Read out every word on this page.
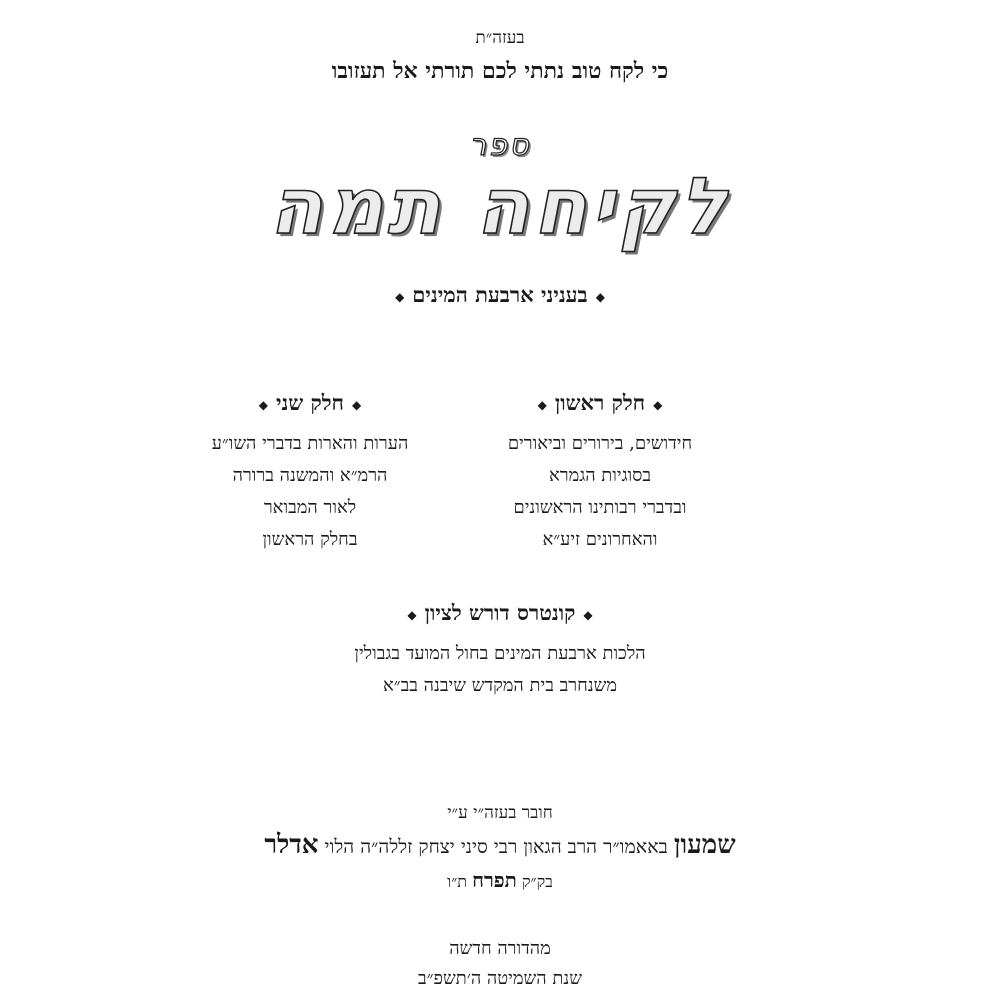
בעזה״ת
כי לקח טוב נתתי לכם תורתי אל תעזובו
ספר
לקיחה תמה
◆בעניני ארבעת המינים◆
◆חלק ראשון◆
חידושים, בירורים וביאורים
בסוגיות הגמרא
ובדברי רבותינו הראשונים
והאחרונים זיע״א
◆חלק שני◆
הערות והארות בדברי השו״ע
הרמ״א והמשנה ברורה
לאור המבואר
בחלק הראשון
◆קונטרס דורש לציון◆
הלכות ארבעת המינים בחול המועד בגבולין
משנחרב בית המקדש שיבנה בב״א
חובר בעזה״י ע״י
שמעון באאמו״ר הרב הגאון רבי סיני יצחק זללה״ה הלוי אדלר
בק״ק תפרח ת״ו
מהדורה חדשה
שנת השמיטה ה׳תשפ״ב
